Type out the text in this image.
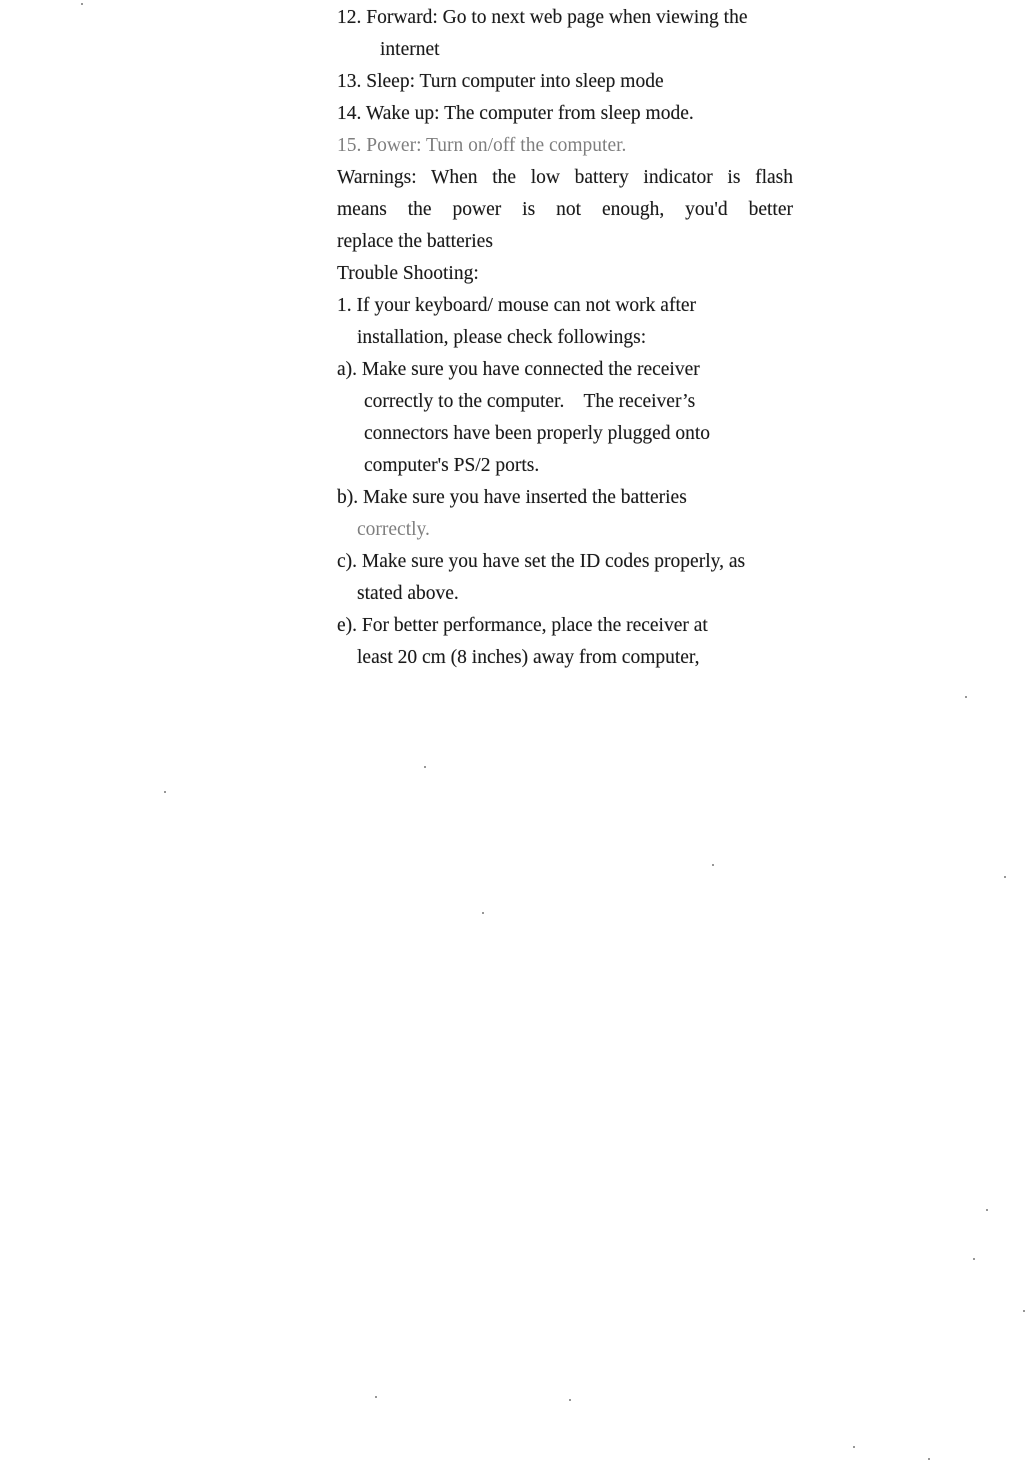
12. Forward: Go to next web page when viewing the
internet
13. Sleep: Turn computer into sleep mode
14. Wake up: The computer from sleep mode.
15. Power: Turn on/off the computer.
Warnings: When the low battery indicator is flash
means the power is not enough, you'd better
replace the batteries
Trouble Shooting:
1. If your keyboard/ mouse can not work after
installation, please check followings:
a). Make sure you have connected the receiver
correctly to the computer.    The receiver’s
connectors have been properly plugged onto
computer's PS/2 ports.
b). Make sure you have inserted the batteries
correctly.
c). Make sure you have set the ID codes properly, as
stated above.
e). For better performance, place the receiver at
least 20 cm (8 inches) away from computer,
